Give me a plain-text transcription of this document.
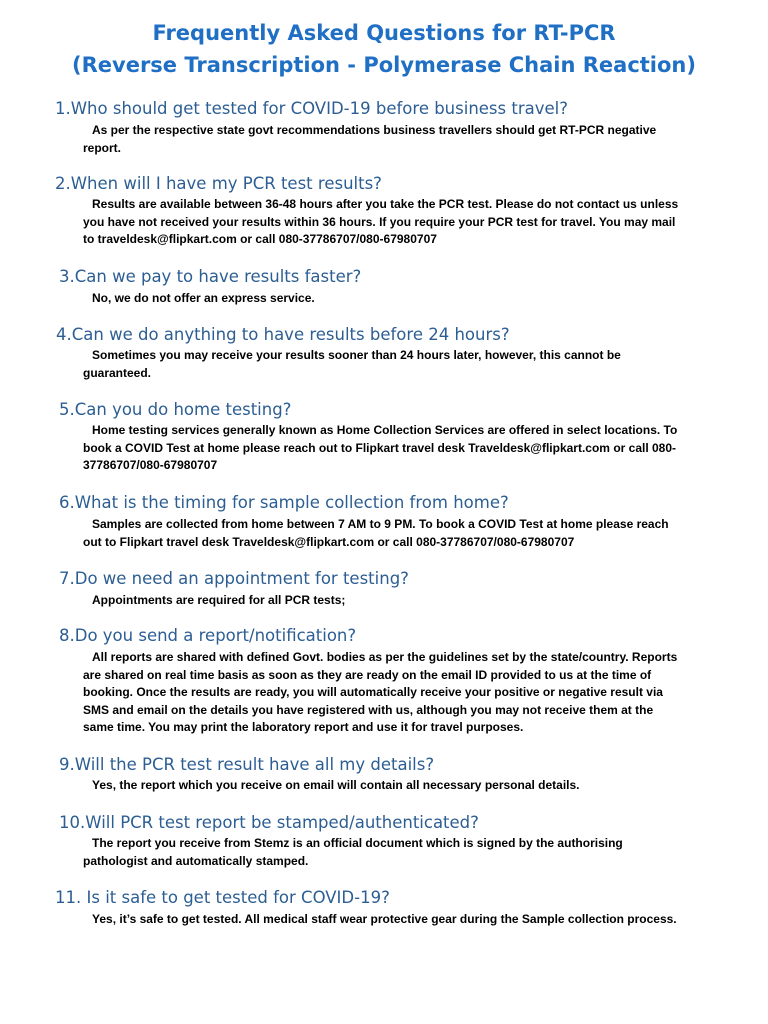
Frequently Asked Questions for RT-PCR
(Reverse Transcription - Polymerase Chain Reaction)
1.Who should get tested for COVID-19 before business travel?
As per the respective state govt recommendations business travellers should get RT-PCR negative report.
2.When will I have my PCR test results?
Results are available between 36-48 hours after you take the PCR test. Please do not contact us unless you have not received your results within 36 hours. If you require your PCR test for travel. You may mail to traveldesk@flipkart.com or call 080-37786707/080-67980707
3.Can we pay to have results faster?
No, we do not offer an express service.
4.Can we do anything to have results before 24 hours?
Sometimes you may receive your results sooner than 24 hours later, however, this cannot be guaranteed.
5.Can you do home testing?
Home testing services generally known as Home Collection Services are offered in select locations. To book a COVID Test at home please reach out to Flipkart travel desk Traveldesk@flipkart.com or call 080-37786707/080-67980707
6.What is the timing for sample collection from home?
Samples are collected from home between 7 AM to 9 PM. To book a COVID Test at home please reach out to Flipkart travel desk Traveldesk@flipkart.com or call 080-37786707/080-67980707
7.Do we need an appointment for testing?
Appointments are required for all PCR tests;
8.Do you send a report/notification?
All reports are shared with defined Govt. bodies as per the guidelines set by the state/country. Reports are shared on real time basis as soon as they are ready on the email ID provided to us at the time of booking. Once the results are ready, you will automatically receive your positive or negative result via SMS and email on the details you have registered with us, although you may not receive them at the same time. You may print the laboratory report and use it for travel purposes.
9.Will the PCR test result have all my details?
Yes, the report which you receive on email will contain all necessary personal details.
10.Will PCR test report be stamped/authenticated?
The report you receive from Stemz is an official document which is signed by the authorising pathologist and automatically stamped.
11. Is it safe to get tested for COVID-19?
Yes, it’s safe to get tested. All medical staff wear protective gear during the Sample collection process.
